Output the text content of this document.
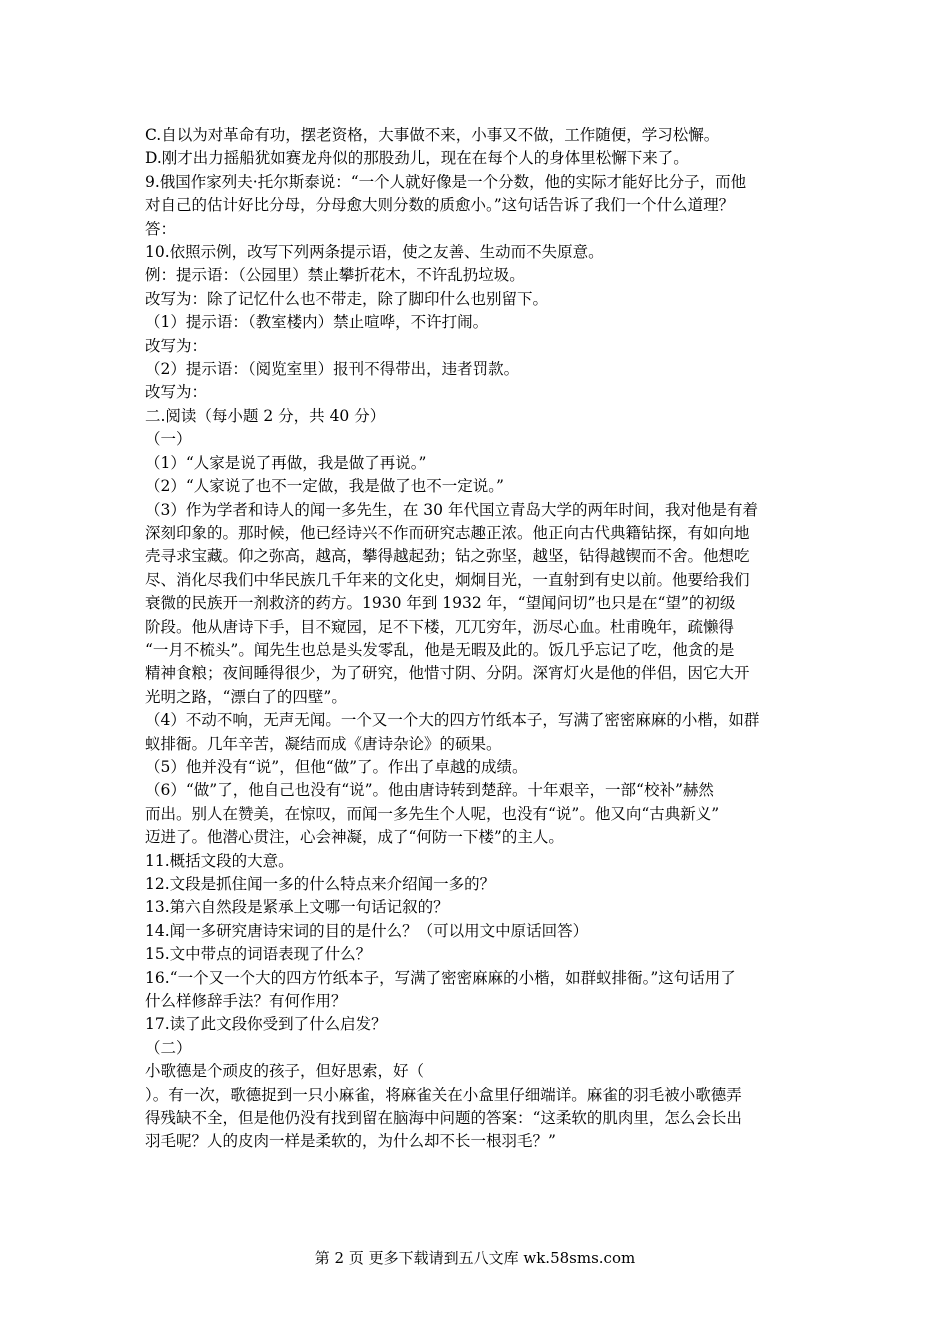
C.自以为对革命有功，摆老资格，大事做不来，小事又不做，工作随便，学习松懈。
D.刚才出力摇船犹如赛龙舟似的那股劲儿，现在在每个人的身体里松懈下来了。
9.俄国作家列夫·托尔斯泰说：“一个人就好像是一个分数，他的实际才能好比分子，而他
对自己的估计好比分母，分母愈大则分数的质愈小。”这句话告诉了我们一个什么道理？
答：
10.依照示例，改写下列两条提示语，使之友善、生动而不失原意。
例：提示语：（公园里）禁止攀折花木，不许乱扔垃圾。
改写为：除了记忆什么也不带走，除了脚印什么也别留下。
（1）提示语：（教室楼内）禁止喧哗，不许打闹。
改写为：
（2）提示语：（阅览室里）报刊不得带出，违者罚款。
改写为：
二.阅读（每小题 2 分，共 40 分）
（一）
（1）“人家是说了再做，我是做了再说。”
（2）“人家说了也不一定做，我是做了也不一定说。”
（3）作为学者和诗人的闻一多先生，在 30 年代国立青岛大学的两年时间，我对他是有着
深刻印象的。那时候，他已经诗兴不作而研究志趣正浓。他正向古代典籍钻探，有如向地
壳寻求宝藏。仰之弥高，越高，攀得越起劲；钻之弥坚，越坚，钻得越锲而不舍。他想吃
尽、消化尽我们中华民族几千年来的文化史，炯炯目光，一直射到有史以前。他要给我们
衰微的民族开一剂救济的药方。1930 年到 1932 年，“望闻问切”也只是在“望”的初级
阶段。他从唐诗下手，目不窥园，足不下楼，兀兀穷年，沥尽心血。杜甫晚年，疏懒得
“一月不梳头”。闻先生也总是头发零乱，他是无暇及此的。饭几乎忘记了吃，他贪的是
精神食粮；夜间睡得很少，为了研究，他惜寸阴、分阴。深宵灯火是他的伴侣，因它大开
光明之路，“漂白了的四壁”。
（4）不动不响，无声无闻。一个又一个大的四方竹纸本子，写满了密密麻麻的小楷，如群
蚁排衙。几年辛苦，凝结而成《唐诗杂论》的硕果。
（5）他并没有“说”，但他“做”了。作出了卓越的成绩。
（6）“做”了，他自己也没有“说”。他由唐诗转到楚辞。十年艰辛，一部“校补”赫然
而出。别人在赞美，在惊叹，而闻一多先生个人呢，也没有“说”。他又向“古典新义”
迈进了。他潜心贯注，心会神凝，成了“何防一下楼”的主人。
11.概括文段的大意。
12.文段是抓住闻一多的什么特点来介绍闻一多的？
13.第六自然段是紧承上文哪一句话记叙的？
14.闻一多研究唐诗宋词的目的是什么？（可以用文中原话回答）
15.文中带点的词语表现了什么？
16.“一个又一个大的四方竹纸本子，写满了密密麻麻的小楷，如群蚁排衙。”这句话用了
什么样修辞手法？有何作用？
17.读了此文段你受到了什么启发？
（二）
小歌德是个顽皮的孩子，但好思索，好（
）。有一次，歌德捉到一只小麻雀，将麻雀关在小盒里仔细端详。麻雀的羽毛被小歌德弄
得残缺不全，但是他仍没有找到留在脑海中问题的答案：“这柔软的肌肉里，怎么会长出
羽毛呢？人的皮肉一样是柔软的，为什么却不长一根羽毛？”
第 2 页 更多下载请到五八文库 wk.58sms.com
